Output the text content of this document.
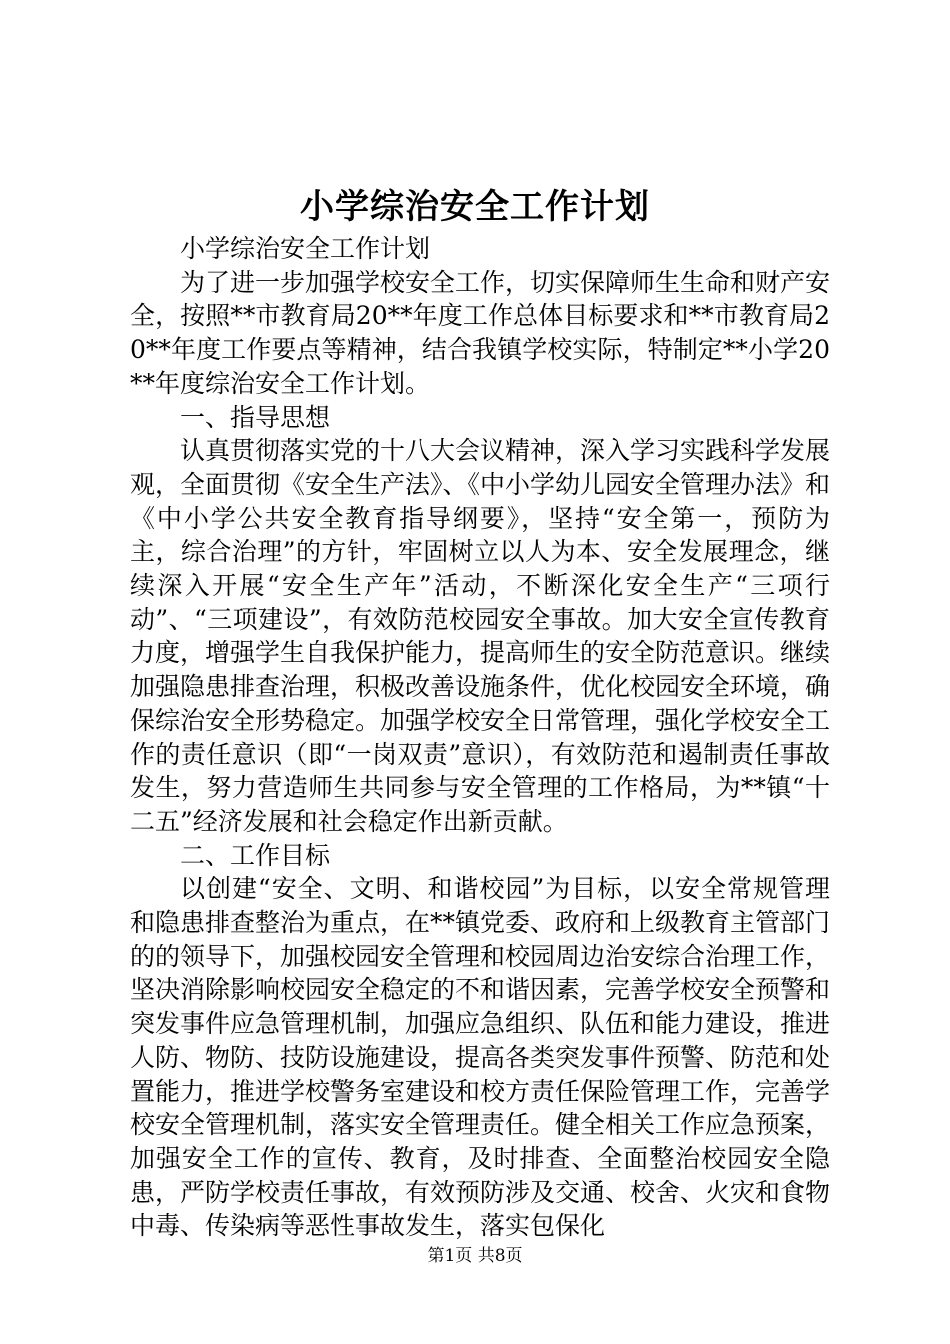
小学综治安全工作计划

小学综治安全工作计划

为了进一步加强学校安全工作，切实保障师生生命和财产安全，按照**市教育局20**年度工作总体目标要求和**市教育局20**年度工作要点等精神，结合我镇学校实际，特制定**小学20**年度综治安全工作计划。

一、指导思想

认真贯彻落实党的十八大会议精神，深入学习实践科学发展观，全面贯彻《安全生产法》、《中小学幼儿园安全管理办法》和《中小学公共安全教育指导纲要》，坚持“安全第一，预防为主，综合治理”的方针，牢固树立以人为本、安全发展理念，继续深入开展“安全生产年”活动，不断深化安全生产“三项行动”、“三项建设”，有效防范校园安全事故。加大安全宣传教育力度，增强学生自我保护能力，提高师生的安全防范意识。继续加强隐患排查治理，积极改善设施条件，优化校园安全环境，确保综治安全形势稳定。加强学校安全日常管理，强化学校安全工作的责任意识（即“一岗双责”意识），有效防范和遏制责任事故发生，努力营造师生共同参与安全管理的工作格局，为**镇“十二五”经济发展和社会稳定作出新贡献。

二、工作目标

以创建“安全、文明、和谐校园”为目标，以安全常规管理和隐患排查整治为重点，在**镇党委、政府和上级教育主管部门的的领导下，加强校园安全管理和校园周边治安综合治理工作，坚决消除影响校园安全稳定的不和谐因素，完善学校安全预警和突发事件应急管理机制，加强应急组织、队伍和能力建设，推进人防、物防、技防设施建设，提高各类突发事件预警、防范和处置能力，推进学校警务室建设和校方责任保险管理工作，完善学校安全管理机制，落实安全管理责任。健全相关工作应急预案，加强安全工作的宣传、教育，及时排查、全面整治校园安全隐患，严防学校责任事故，有效预防涉及交通、校舍、火灾和食物中毒、传染病等恶性事故发生，落实包保化

第1页 共8页
